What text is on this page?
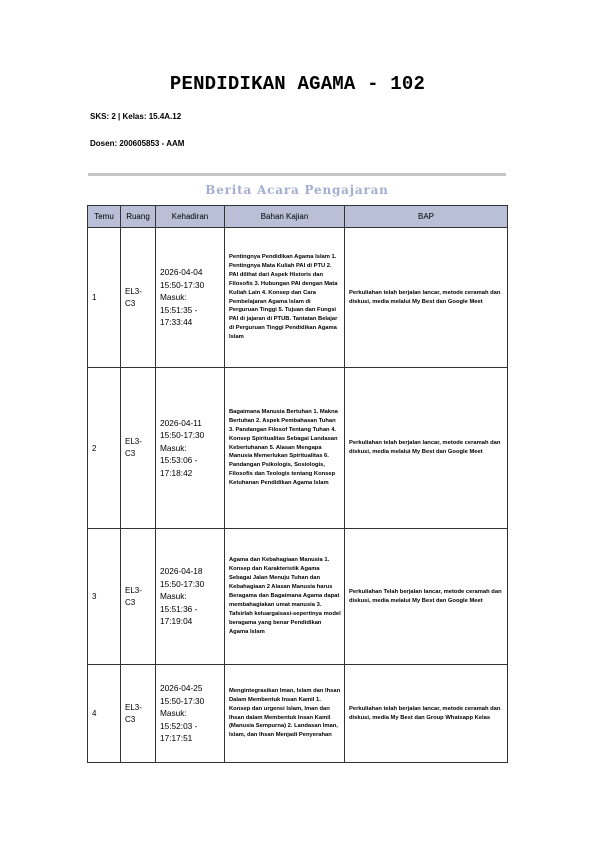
PENDIDIKAN AGAMA - 102
SKS: 2 | Kelas: 15.4A.12
Dosen: 200605853 - AAM
Berita Acara Pengajaran
Temu	Ruang	Kehadiran	Bahan Kajian	BAP
1	EL3-C3	2026-04-04 15:50-17:30 Masuk: 15:51:35 - 17:33:44	Pentingnya Pendidikan Agama Islam 1. Pentingnya Mata Kuliah PAI di PTU 2. PAI dilihat dari Aspek Historis dan Filosofis 3. Hubungan PAI dengan Mata Kuliah Lain 4. Konsep dan Cara Pembelajaran Agama Islam di Perguruan Tinggi 5. Tujuan dan Fungsi PAI di jajaran di PTUB. Tantatan Belajar di Perguruan Tinggi Pendidikan Agama Islam	Perkuliahan telah berjalan lancar, metode ceramah dan diskusi, media melalui My Best dan Google Meet
2	EL3-C3	2026-04-11 15:50-17:30 Masuk: 15:53:06 - 17:18:42	Bagaimana Manusia Bertuhan 1. Makna Bertuhan 2. Aspek Pembahasan Tuhan 3. Pandangan Filosof Tentang Tuhan 4. Konsep Spiritualitas Sebagai Landasan Kebertuhanan 5. Alasan Mengapa Manusia Memerlukan Spiritualitas 6. Pandangan Psikologis, Sosiologis, Filosofis dan Teologis tentang Konsep Ketuhanan Pendidikan Agama Islam	Perkuliahan telah berjalan lancar, metode ceramah dan diskusi, media melalui My Best dan Google Meet
3	EL3-C3	2026-04-18 15:50-17:30 Masuk: 15:51:36 - 17:19:04	Agama dan Kebahagiaan Manusia 1. Konsep dan Karakteristik Agama Sebagai Jalan Menuju Tuhan dan Kebahagiaan 2 Alasan Manusia harus Beragama dan Bagaimana Agama dapat membahagiakan umat manusia 3. Tafsirlah keluargaisasi-sepertinya model beragama yang benar Pendidikan Agama Islam	Perkuliahan Telah berjalan lancar, metode ceramah dan diskusi, media melalui My Best dan Google Meet
4	EL3-C3	2026-04-25 15:50-17:30 Masuk: 15:52:03 - 17:17:51	Mengintegrasikan Iman, Islam dan Ihsan Dalam Membentuk Insan Kamil 1. Konsep dan urgensi Islam, Iman dan Ihsan dalam Membentuk Insan Kamil (Manusia Sempurna) 2. Landasan Iman, Islam, dan Ihsan Menjadi Penyerahan	Perkuliahan telah berjalan lancar, metode ceramah dan diskusi, media My Best dan Group Whatsapp Kelas
